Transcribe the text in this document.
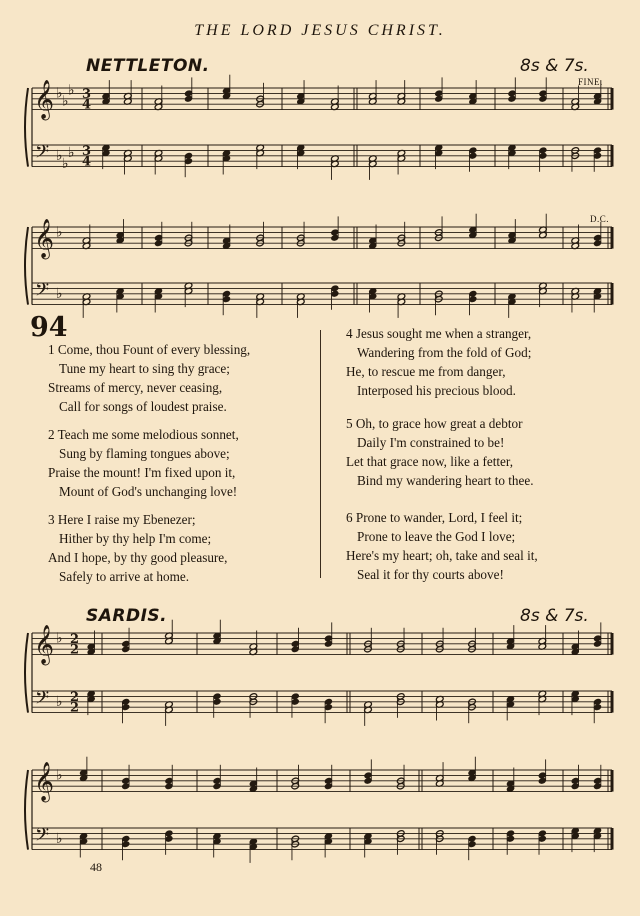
THE LORD JESUS CHRIST.
NETTLETON.	8s & 7s.
FINE.
D.C.
SARDIS.	8s & 7s.
𝄞
𝄢
♭
♭
♭
♭
♭
♭
3
4
3
4
𝄞
𝄢
♭
♭
𝄞
𝄢
♭
♭
2
2
2
2
𝄞
𝄢
♭
♭
94
1 Come, thou Fount of every blessing,
Tune my heart to sing thy grace;
Streams of mercy, never ceasing,
Call for songs of loudest praise.
2 Teach me some melodious sonnet,
Sung by flaming tongues above;
Praise the mount! I'm fixed upon it,
Mount of God's unchanging love!
3 Here I raise my Ebenezer;
Hither by thy help I'm come;
And I hope, by thy good pleasure,
Safely to arrive at home.
4 Jesus sought me when a stranger,
Wandering from the fold of God;
He, to rescue me from danger,
Interposed his precious blood.
5 Oh, to grace how great a debtor
Daily I'm constrained to be!
Let that grace now, like a fetter,
Bind my wandering heart to thee.
6 Prone to wander, Lord, I feel it;
Prone to leave the God I love;
Here's my heart; oh, take and seal it,
Seal it for thy courts above!
48
